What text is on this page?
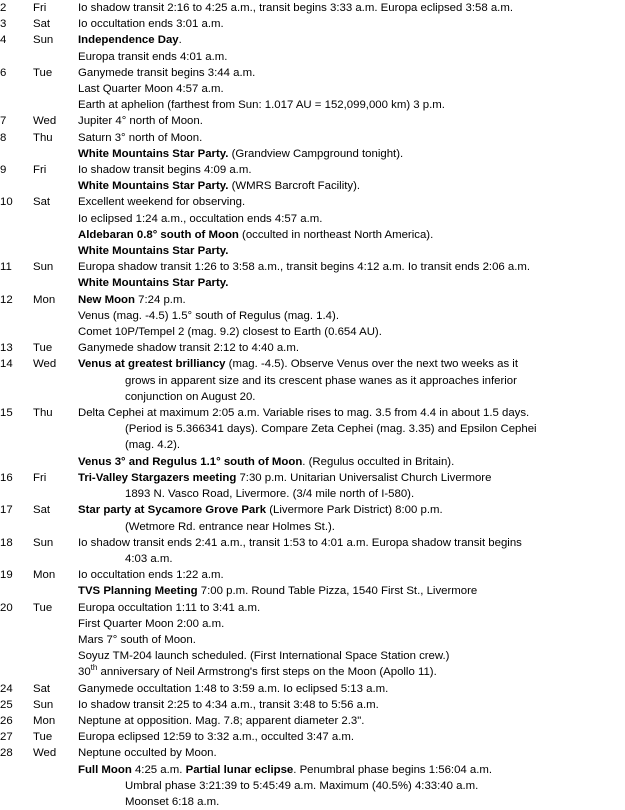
2	Fri	Io shadow transit 2:16 to 4:25 a.m., transit begins 3:33 a.m. Europa eclipsed 3:58 a.m.
3	Sat	Io occultation ends 3:01 a.m.
4	Sun	Independence Day.
Europa transit ends 4:01 a.m.
6	Tue	Ganymede transit begins 3:44 a.m.
Last Quarter Moon 4:57 a.m.
Earth at aphelion (farthest from Sun: 1.017 AU = 152,099,000 km) 3 p.m.
7	Wed	Jupiter 4° north of Moon.
8	Thu	Saturn 3° north of Moon.
White Mountains Star Party. (Grandview Campground tonight).
9	Fri	Io shadow transit begins 4:09 a.m.
White Mountains Star Party. (WMRS Barcroft Facility).
10	Sat	Excellent weekend for observing.
Io eclipsed 1:24 a.m., occultation ends 4:57 a.m.
Aldebaran 0.8° south of Moon (occulted in northeast North America).
White Mountains Star Party.
11	Sun	Europa shadow transit 1:26 to 3:58 a.m., transit begins 4:12 a.m. Io transit ends 2:06 a.m.
White Mountains Star Party.
12	Mon	New Moon 7:24 p.m.
Venus (mag. -4.5) 1.5° south of Regulus (mag. 1.4).
Comet 10P/Tempel 2 (mag. 9.2) closest to Earth (0.654 AU).
13	Tue	Ganymede shadow transit 2:12 to 4:40 a.m.
14	Wed	Venus at greatest brilliancy (mag. -4.5). Observe Venus over the next two weeks as it
grows in apparent size and its crescent phase wanes as it approaches inferior
conjunction on August 20.
15	Thu	Delta Cephei at maximum 2:05 a.m. Variable rises to mag. 3.5 from 4.4 in about 1.5 days.
(Period is 5.366341 days). Compare Zeta Cephei (mag. 3.35) and Epsilon Cephei
(mag. 4.2).
Venus 3° and Regulus 1.1° south of Moon. (Regulus occulted in Britain).
16	Fri	Tri-Valley Stargazers meeting 7:30 p.m. Unitarian Universalist Church Livermore
1893 N. Vasco Road, Livermore. (3/4 mile north of I-580).
17	Sat	Star party at Sycamore Grove Park (Livermore Park District) 8:00 p.m.
(Wetmore Rd. entrance near Holmes St.).
18	Sun	Io shadow transit ends 2:41 a.m., transit 1:53 to 4:01 a.m. Europa shadow transit begins
4:03 a.m.
19	Mon	Io occultation ends 1:22 a.m.
TVS Planning Meeting 7:00 p.m. Round Table Pizza, 1540 First St., Livermore
20	Tue	Europa occultation 1:11 to 3:41 a.m.
First Quarter Moon 2:00 a.m.
Mars 7° south of Moon.
Soyuz TM-204 launch scheduled. (First International Space Station crew.)
30th anniversary of Neil Armstrong's first steps on the Moon (Apollo 11).
24	Sat	Ganymede occultation 1:48 to 3:59 a.m. Io eclipsed 5:13 a.m.
25	Sun	Io shadow transit 2:25 to 4:34 a.m., transit 3:48 to 5:56 a.m.
26	Mon	Neptune at opposition. Mag. 7.8; apparent diameter 2.3".
27	Tue	Europa eclipsed 12:59 to 3:32 a.m., occulted 3:47 a.m.
28	Wed	Neptune occulted by Moon.
Full Moon 4:25 a.m. Partial lunar eclipse. Penumbral phase begins 1:56:04 a.m.
Umbral phase 3:21:39 to 5:45:49 a.m. Maximum (40.5%) 4:33:40 a.m.
Moonset 6:18 a.m.
